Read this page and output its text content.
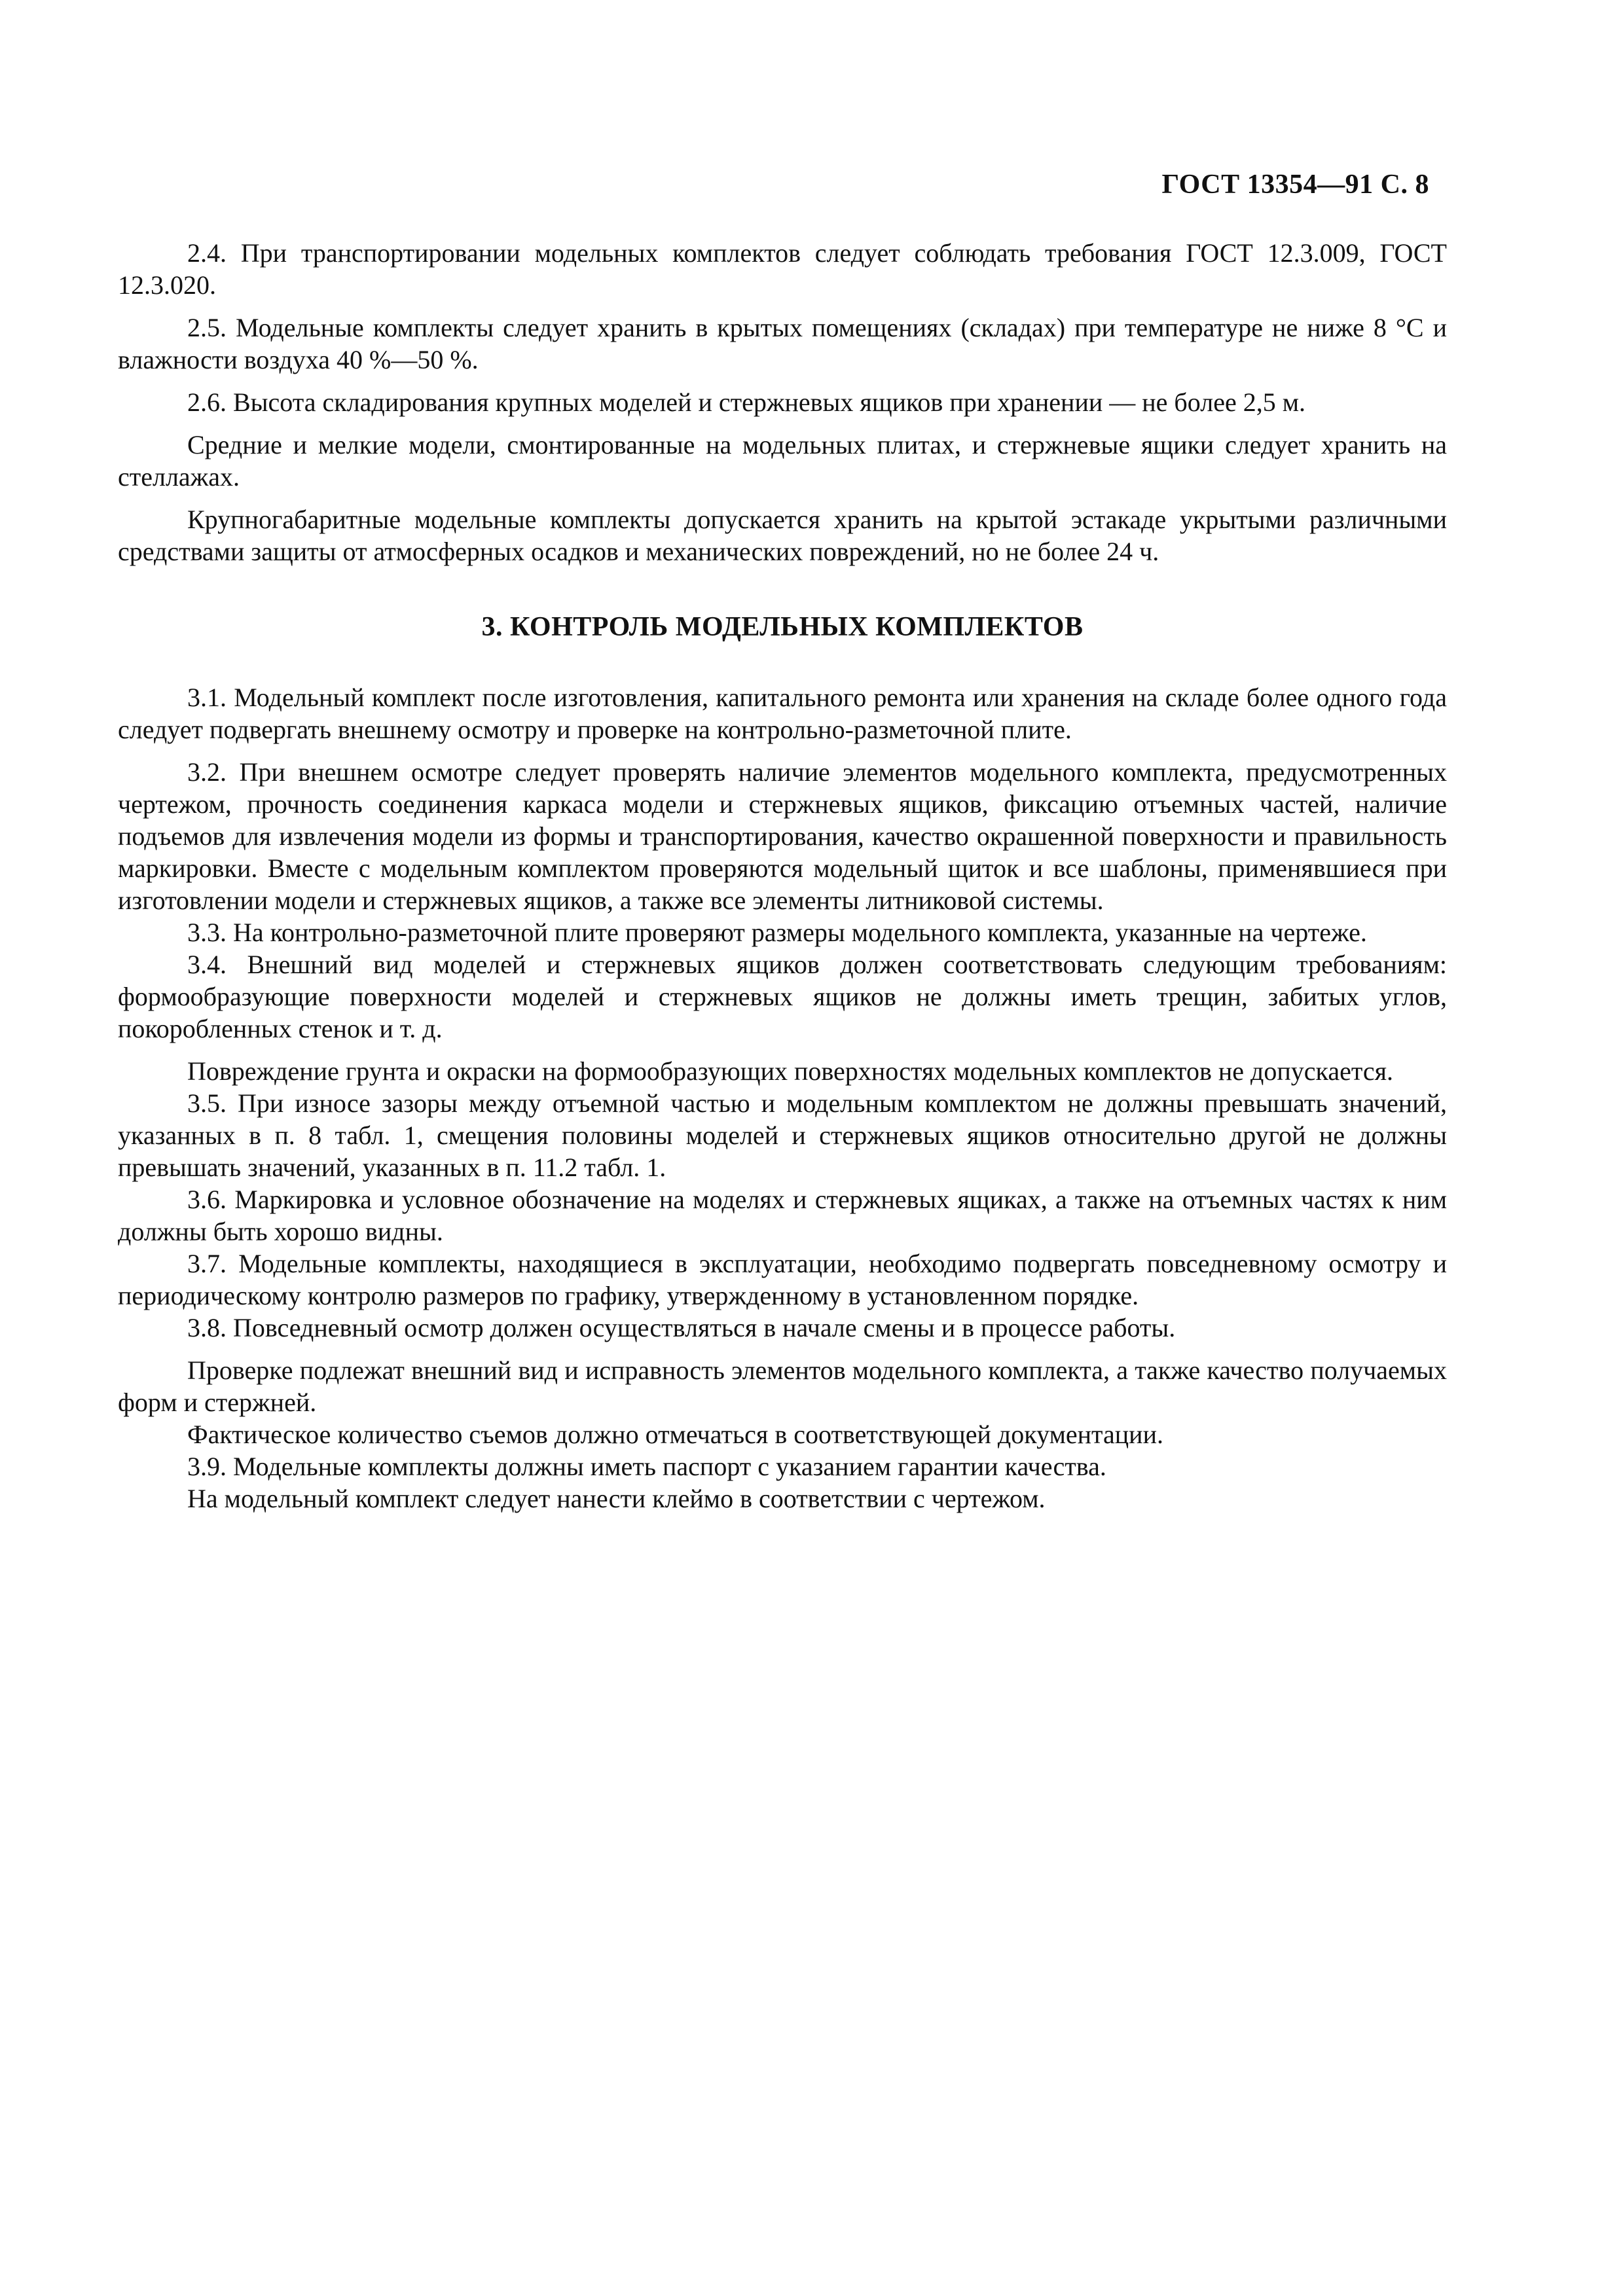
ГОСТ 13354—91 С. 8

2.4. При транспортировании модельных комплектов следует соблюдать требования ГОСТ 12.3.009, ГОСТ 12.3.020.

2.5. Модельные комплекты следует хранить в крытых помещениях (складах) при температуре не ниже 8 °С и влажности воздуха 40 %—50 %.

2.6. Высота складирования крупных моделей и стержневых ящиков при хранении — не более 2,5 м.

Средние и мелкие модели, смонтированные на модельных плитах, и стержневые ящики следует хранить на стеллажах.

Крупногабаритные модельные комплекты допускается хранить на крытой эстакаде укрытыми различными средствами защиты от атмосферных осадков и механических повреждений, но не более 24 ч.

3. КОНТРОЛЬ МОДЕЛЬНЫХ КОМПЛЕКТОВ

3.1. Модельный комплект после изготовления, капитального ремонта или хранения на складе более одного года следует подвергать внешнему осмотру и проверке на контрольно-разметочной плите.

3.2. При внешнем осмотре следует проверять наличие элементов модельного комплекта, предусмотренных чертежом, прочность соединения каркаса модели и стержневых ящиков, фиксацию отъемных частей, наличие подъемов для извлечения модели из формы и транспортирования, качество окрашенной поверхности и правильность маркировки. Вместе с модельным комплектом проверяются модельный щиток и все шаблоны, применявшиеся при изготовлении модели и стержневых ящиков, а также все элементы литниковой системы.

3.3. На контрольно-разметочной плите проверяют размеры модельного комплекта, указанные на чертеже.

3.4. Внешний вид моделей и стержневых ящиков должен соответствовать следующим требованиям: формообразующие поверхности моделей и стержневых ящиков не должны иметь трещин, забитых углов, покоробленных стенок и т. д.

Повреждение грунта и окраски на формообразующих поверхностях модельных комплектов не допускается.

3.5. При износе зазоры между отъемной частью и модельным комплектом не должны превышать значений, указанных в п. 8 табл. 1, смещения половины моделей и стержневых ящиков относительно другой не должны превышать значений, указанных в п. 11.2 табл. 1.

3.6. Маркировка и условное обозначение на моделях и стержневых ящиках, а также на отъемных частях к ним должны быть хорошо видны.

3.7. Модельные комплекты, находящиеся в эксплуатации, необходимо подвергать повседневному осмотру и периодическому контролю размеров по графику, утвержденному в установленном порядке.

3.8. Повседневный осмотр должен осуществляться в начале смены и в процессе работы.

Проверке подлежат внешний вид и исправность элементов модельного комплекта, а также качество получаемых форм и стержней.

Фактическое количество съемов должно отмечаться в соответствующей документации.

3.9. Модельные комплекты должны иметь паспорт с указанием гарантии качества.

На модельный комплект следует нанести клеймо в соответствии с чертежом.
